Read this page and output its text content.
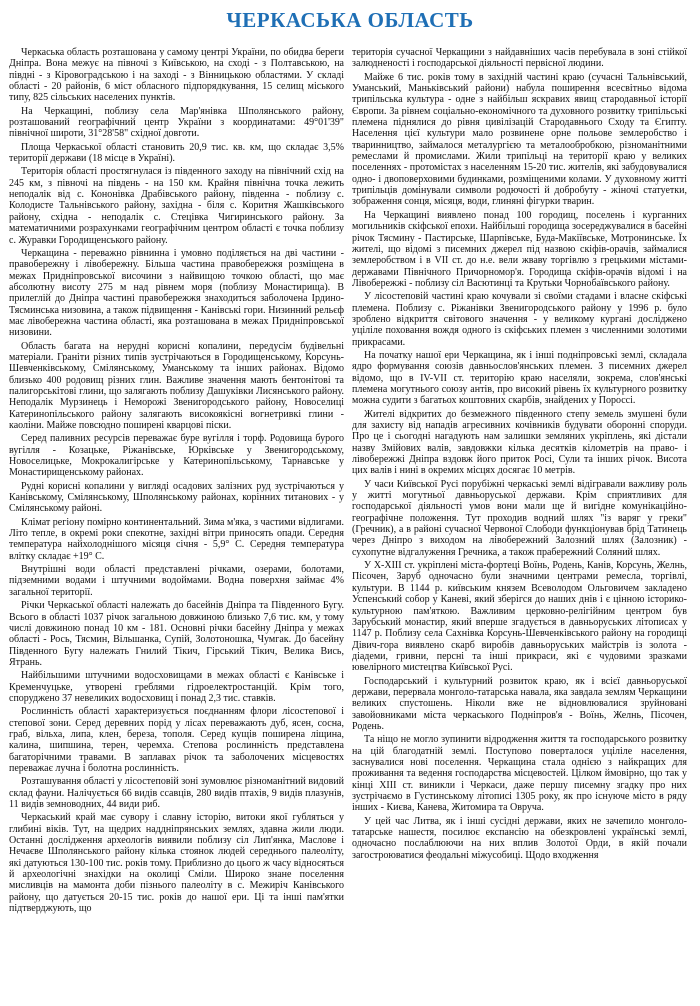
ЧЕРКАСЬКА ОБЛАСТЬ

Черкаська область розташована у самому центрі України, по обидва береги Дніпра. Вона межує на півночі з Київською, на сході - з Полтавською, на півдні - з Кіровоградською і на заході - з Вінницькою областями. У складі області - 20 районів, 6 міст обласного підпорядкування, 15 селищ міського типу, 825 сільських населених пунктів.

На Черкащині, поблизу села Мар'янівка Шполянського району, розташований географічний центр України з координатами: 49°01'39" північної широти, 31°28'58" східної довготи.

Площа Черкаської області становить 20,9 тис. кв. км, що складає 3,5% території держави (18 місце в Україні).

Територія області простягнулася із південного заходу на північний схід на 245 км, з півночі на південь - на 150 км. Крайня північна точка лежить неподалік від с. Кононівка Драбівського району, південна - поблизу с. Колодисте Тальнівського району, західна - біля с. Коритня Жашківського району, східна - неподалік с. Стецівка Чигиринського району. За математичними розрахунками географічним центром області є точка поблизу с. Журавки Городищенського району.

Черкащина - переважно рівнинна і умовно поділяється на дві частини - правобережну і лівобережну. Більша частина правобережжя розміщена в межах Придніпровської височини з найвищою точкою області, що має абсолютну висоту 275 м над рівнем моря (поблизу Монастирища). В прилеглій до Дніпра частині правобережжя знаходиться заболочена Ірдино-Тясминська низовина, а також підвищення - Канівські гори. Низинний рельєф має лівобережна частина області, яка розташована в межах Придніпровської низовини.

Область багата на нерудні корисні копалини, передусім будівельні матеріали. Граніти різних типів зустрічаються в Городищенському, Корсунь-Шевченківському, Смілянському, Уманському та інших районах. Відомо близько 400 родовищ різних глин. Важливе значення мають бентонітові та палигорськітові глини, що залягають поблизу Дашуківки Лисянського району. Неподалік Мурзинець і Неморожі Звенигородського району, Новоселиці Катеринопільського району залягають високоякісні вогнетривкі глини - каоліни. Майже повсюдно поширені кварцові піски.

Серед паливних ресурсів переважає буре вугілля і торф. Родовища бурого вугілля - Козацьке, Ріжанівське, Юрківське у Звенигородському, Новоселицьке, Мокрокалигірське у Катеринопільському, Тарнавське у Монастирищенському районах.

Рудні корисні копалини у вигляді осадових залізних руд зустрічаються у Канівському, Смілянському, Шполянському районах, корінних титанових - у Смілянському районі.

Клімат регіону помірно континентальний. Зима м'яка, з частими відлигами. Літо тепле, в окремі роки спекотне, західні вітри приносять опади. Середня температура найхолоднішого місяця січня - 5,9° С. Середня температура влітку складає +19° С.

Внутрішні води області представлені річками, озерами, болотами, підземними водами і штучними водоймами. Водна поверхня займає 4% загальної території.

Річки Черкаської області належать до басейнів Дніпра та Південного Бугу. Всього в області 1037 річок загальною довжиною близько 7,6 тис. км, у тому числі довжиною понад 10 км - 181. Основні річки басейну Дніпра у межах області - Рось, Тясмин, Вільшанка, Супій, Золотоношка, Чумгак. До басейну Південного Бугу належать Гнилий Тікич, Гірський Тікич, Велика Вись, Ятрань.

Найбільшими штучними водосховищами в межах області є Канівське і Кременчуцьке, утворені греблями гідроелектростанцій. Крім того, споруджено 37 невеликих водосховищ і понад 2,3 тис. ставків.

Рослинність області характеризується поєднанням флори лісостепової і степової зони. Серед деревних порід у лісах переважають дуб, ясен, сосна, граб, вільха, липа, клен, береза, тополя. Серед кущів поширена ліщина, калина, шипшина, терен, черемха. Степова рослинність представлена багаторічними травами. В заплавах річок та заболочених місцевостях переважає лучна і болотна рослинність.

Розташування області у лісостеповій зоні зумовлює різноманітний видовий склад фауни. Налічується 66 видів ссавців, 280 видів птахів, 9 видів плазунів, 11 видів земноводних, 44 види риб.

Черкаський край має сувору і славну історію, витоки якої губляться у глибині віків. Тут, на щедрих наддніпрянських землях, здавна жили люди. Останні дослідження археологів виявили поблизу сіл Лип'янка, Маслове і Нечаєве Шполянського району кілька стоянок людей середнього палеоліту, які датуються 130-100 тис. років тому. Приблизно до цього ж часу відносяться й археологічні знахідки на околиці Сміли. Широко знане поселення мисливців на мамонта доби пізнього палеоліту в с. Межиріч Канівського району, що датується 20-15 тис. років до нашої ери. Ці та інші пам'ятки підтверджують, що

територія сучасної Черкащини з найдавніших часів перебувала в зоні стійкої залюдненості і господарської діяльності первісної людини.

Майже 6 тис. років тому в західній частині краю (сучасні Тальнівський, Уманський, Маньківський райони) набула поширення всесвітньо відома трипільська культура - одне з найбільш яскравих явищ стародавньої історії Європи. За рівнем соціально-економічного та духовного розвитку трипільські племена піднялися до рівня цивілізацій Стародавнього Сходу та Єгипту. Населення цієї культури мало розвинене орне польове землеробство і тваринництво, займалося металургією та металообробкою, різноманітними ремеслами й промислами. Жили трипільці на території краю у великих поселеннях - протомістах з населенням 15-20 тис. жителів, які забудовувалися одно- і двоповерховими будинками, розміщеними колами. У духовному житті трипільців домінували символи родючості й добробуту - жіночі статуетки, зображення сонця, місяця, води, глиняні фігурки тварин.

На Черкащині виявлено понад 100 городищ, поселень і курганних могильників скіфської епохи. Найбільші городища зосереджувалися в басейні річок Тясмину - Пастирське, Шарпівське, Буда-Макіївське, Мотронинське. Їх жителі, що відомі з писемних джерел під назвою скіфів-орачів, займалися землеробством і в VII ст. до н.е. вели жваву торгівлю з грецькими містами-державами Північного Причорномор'я. Городища скіфів-орачів відомі і на Лівобережжі - поблизу сіл Васютинці та Крутьки Чорнобаївського району.

У лісостеповій частині краю кочували зі своїми стадами і власне скіфські племена. Поблизу с. Ріжанівки Звенигородського району у 1996 р. було зроблено відкриття світового значення - у великому кургані досліджено уціліле поховання вождя одного із скіфських племен з численними золотими прикрасами.

На початку нашої ери Черкащина, як і інші подніпровські землі, складала ядро формування союзів давньослов'янських племен. З писемних джерел відомо, що в IV-VII ст. територію краю населяли, зокрема, слов'янські племена могутнього союзу антів, про високий рівень їх культурного розвитку можна судити з багатьох коштовних скарбів, знайдених у Пороссі.

Жителі відкритих до безмежного південного степу земель змушені були для захисту від нападів агресивних кочівників будувати оборонні споруди. Про це і сьогодні нагадують нам залишки земляних укріплень, які дістали назву Змійових валів, завдовжки кілька десятків кілометрів на право- і лівобережжі Дніпра вздовж його приток Росі, Сули та інших річок. Висота цих валів і нині в окремих місцях досягає 10 метрів.

У часи Київської Русі порубіжні черкаські землі відігравали важливу роль у житті могутньої давньоруської держави. Крім сприятливих для господарської діяльності умов вони мали ще й вигідне комунікаційно-географічне положення. Тут проходив водний шлях "із варяг у греки" (Гречник), а в районі сучасної Червоної Слободи функціонував брід Татинець через Дніпро з виходом на лівобережний Залозний шлях (Залозник) - сухопутне відгалуження Гречника, а також прабережний Соляний шлях.

У Х-XIII ст. укріплені міста-фортеці Воїнь, Родень, Канів, Корсунь, Желнь, Пісочен, Заруб одночасно були значними центрами ремесла, торгівлі, культури. В 1144 р. київським князем Всеволодом Ольговичем закладено Успенський собор у Каневі, який зберігся до наших днів і є цінною історико-культурною пам'яткою. Важливим церковно-релігійним центром був Зарубський монастир, який вперше згадується в давньоруських літописах у 1147 р. Поблизу села Сахнівка Корсунь-Шевченківського району на городищі Дівич-гора виявлено скарб виробів давньоруських майстрів із золота - діадеми, гривни, персні та інші прикраси, які є чудовими зразками ювелірного мистецтва Київської Русі.

Господарський і культурний розвиток краю, як і всієї давньоруської держави, перервала монголо-татарська навала, яка завдала землям Черкащини великих спустошень. Ніколи вже не відновлювалися зруйновані завойовниками міста черкаського Подніпров'я - Воїнь, Желнь, Пісочен, Родень.

Та ніщо не могло зупинити відродження життя та господарського розвитку на цій благодатній землі. Поступово поверталося уціліле населення, заснувалися нові поселення. Черкащина стала однією з найкращих для проживання та ведення господарства місцевостей. Цілком ймовірно, що так у кінці XIII ст. виникли і Черкаси, даже першу писемну згадку про них зустрічаємо в Густинському літописі 1305 року, як про існуюче місто в ряду інших - Києва, Канева, Житомира та Овруча.

У цей час Литва, як і інші сусідні держави, яких не зачепило монголо-татарське нашестя, посилює експансію на обезкровлені українські землі, одночасно послаблюючи на них вплив Золотої Орди, в якій почали загостроюватися феодальні міжусобиці. Щодо входження
